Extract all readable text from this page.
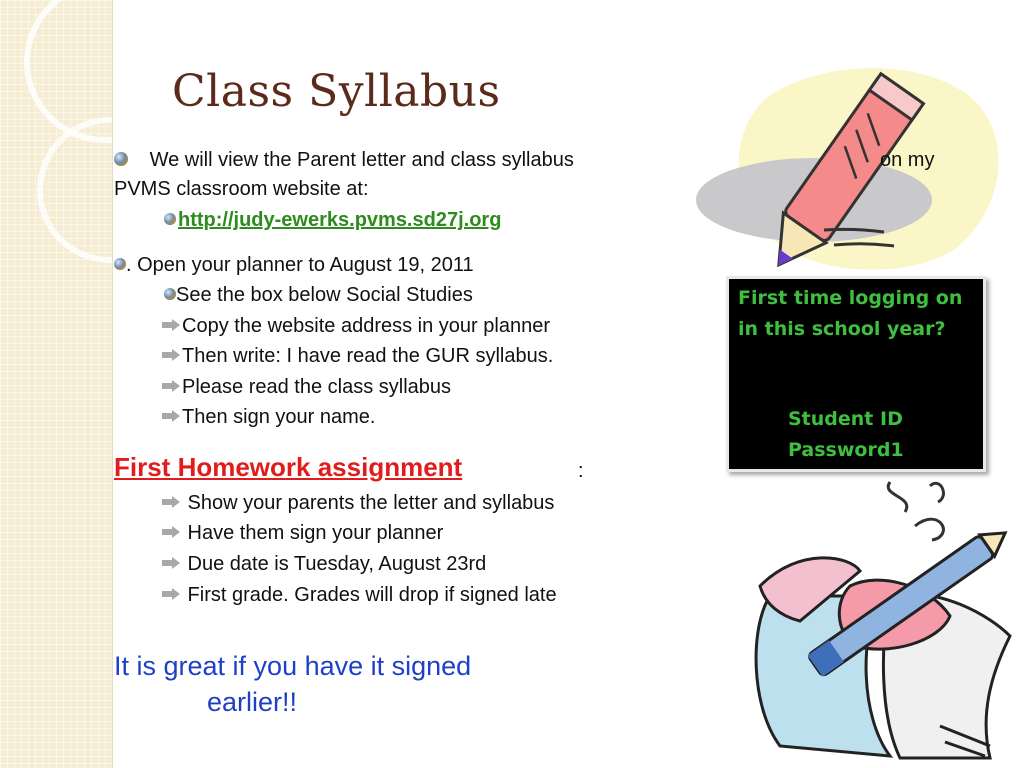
Class Syllabus
We will view the Parent letter and class syllabus	on my
PVMS classroom website at:
http://judy-ewerks.pvms.sd27j.org
. Open your planner to August 19, 2011
See the box below Social Studies
Copy the website address in your planner
Then write: I have read the GUR syllabus.
Please read the class syllabus
Then sign your name.
First Homework assignment	:
Show your parents the letter and syllabus
Have them sign your planner
Due date is Tuesday, August 23rd
First grade. Grades will drop if signed late
It is great if you have it signed
earlier!!
First time logging on in this school year?
Student ID
Password1
